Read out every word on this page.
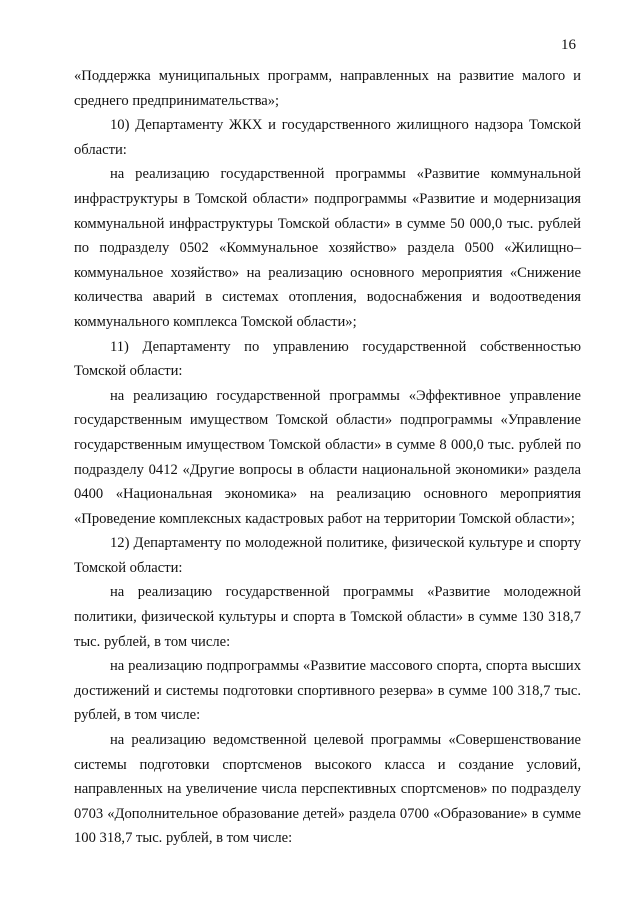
16

«Поддержка муниципальных программ, направленных на развитие малого и среднего предпринимательства»;

10) Департаменту ЖКХ и государственного жилищного надзора Томской области:

на реализацию государственной программы «Развитие коммунальной инфраструктуры в Томской области» подпрограммы «Развитие и модернизация коммунальной инфраструктуры Томской области» в сумме 50 000,0 тыс. рублей по подразделу 0502 «Коммунальное хозяйство» раздела 0500 «Жилищно–коммунальное хозяйство» на реализацию основного мероприятия «Снижение количества аварий в системах отопления, водоснабжения и водоотведения коммунального комплекса Томской области»;

11) Департаменту по управлению государственной собственностью Томской области:

на реализацию государственной программы «Эффективное управление государственным имуществом Томской области» подпрограммы «Управление государственным имуществом Томской области» в сумме 8 000,0 тыс. рублей по подразделу 0412 «Другие вопросы в области национальной экономики» раздела 0400 «Национальная экономика» на реализацию основного мероприятия «Проведение комплексных кадастровых работ на территории Томской области»;

12) Департаменту по молодежной политике, физической культуре и спорту Томской области:

на реализацию государственной программы «Развитие молодежной политики, физической культуры и спорта в Томской области» в сумме 130 318,7 тыс. рублей, в том числе:

на реализацию подпрограммы «Развитие массового спорта, спорта высших достижений и системы подготовки спортивного резерва» в сумме 100 318,7 тыс. рублей, в том числе:

на реализацию ведомственной целевой программы «Совершенствование системы подготовки спортсменов высокого класса и создание условий, направленных на увеличение числа перспективных спортсменов» по подразделу 0703 «Дополнительное образование детей» раздела 0700 «Образование» в сумме 100 318,7 тыс. рублей, в том числе:
